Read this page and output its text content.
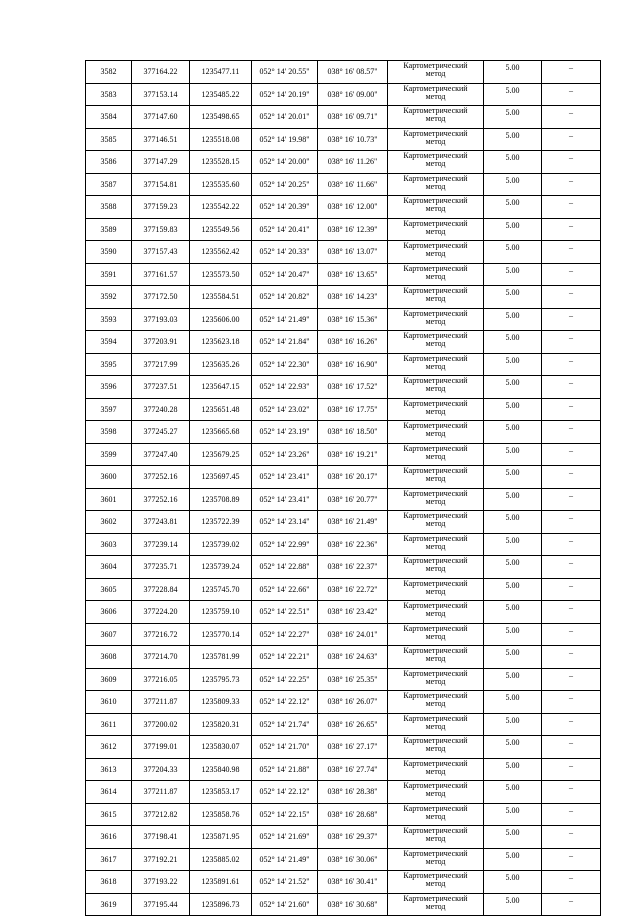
3582	377164.22	1235477.11	052° 14' 20.55"	038° 16' 08.57"	Картометрический
метод	5.00	–
3583	377153.14	1235485.22	052° 14' 20.19"	038° 16' 09.00"	Картометрический
метод	5.00	–
3584	377147.60	1235498.65	052° 14' 20.01"	038° 16' 09.71"	Картометрический
метод	5.00	–
3585	377146.51	1235518.08	052° 14' 19.98"	038° 16' 10.73"	Картометрический
метод	5.00	–
3586	377147.29	1235528.15	052° 14' 20.00"	038° 16' 11.26"	Картометрический
метод	5.00	–
3587	377154.81	1235535.60	052° 14' 20.25"	038° 16' 11.66"	Картометрический
метод	5.00	–
3588	377159.23	1235542.22	052° 14' 20.39"	038° 16' 12.00"	Картометрический
метод	5.00	–
3589	377159.83	1235549.56	052° 14' 20.41"	038° 16' 12.39"	Картометрический
метод	5.00	–
3590	377157.43	1235562.42	052° 14' 20.33"	038° 16' 13.07"	Картометрический
метод	5.00	–
3591	377161.57	1235573.50	052° 14' 20.47"	038° 16' 13.65"	Картометрический
метод	5.00	–
3592	377172.50	1235584.51	052° 14' 20.82"	038° 16' 14.23"	Картометрический
метод	5.00	–
3593	377193.03	1235606.00	052° 14' 21.49"	038° 16' 15.36"	Картометрический
метод	5.00	–
3594	377203.91	1235623.18	052° 14' 21.84"	038° 16' 16.26"	Картометрический
метод	5.00	–
3595	377217.99	1235635.26	052° 14' 22.30"	038° 16' 16.90"	Картометрический
метод	5.00	–
3596	377237.51	1235647.15	052° 14' 22.93"	038° 16' 17.52"	Картометрический
метод	5.00	–
3597	377240.28	1235651.48	052° 14' 23.02"	038° 16' 17.75"	Картометрический
метод	5.00	–
3598	377245.27	1235665.68	052° 14' 23.19"	038° 16' 18.50"	Картометрический
метод	5.00	–
3599	377247.40	1235679.25	052° 14' 23.26"	038° 16' 19.21"	Картометрический
метод	5.00	–
3600	377252.16	1235697.45	052° 14' 23.41"	038° 16' 20.17"	Картометрический
метод	5.00	–
3601	377252.16	1235708.89	052° 14' 23.41"	038° 16' 20.77"	Картометрический
метод	5.00	–
3602	377243.81	1235722.39	052° 14' 23.14"	038° 16' 21.49"	Картометрический
метод	5.00	–
3603	377239.14	1235739.02	052° 14' 22.99"	038° 16' 22.36"	Картометрический
метод	5.00	–
3604	377235.71	1235739.24	052° 14' 22.88"	038° 16' 22.37"	Картометрический
метод	5.00	–
3605	377228.84	1235745.70	052° 14' 22.66"	038° 16' 22.72"	Картометрический
метод	5.00	–
3606	377224.20	1235759.10	052° 14' 22.51"	038° 16' 23.42"	Картометрический
метод	5.00	–
3607	377216.72	1235770.14	052° 14' 22.27"	038° 16' 24.01"	Картометрический
метод	5.00	–
3608	377214.70	1235781.99	052° 14' 22.21"	038° 16' 24.63"	Картометрический
метод	5.00	–
3609	377216.05	1235795.73	052° 14' 22.25"	038° 16' 25.35"	Картометрический
метод	5.00	–
3610	377211.87	1235809.33	052° 14' 22.12"	038° 16' 26.07"	Картометрический
метод	5.00	–
3611	377200.02	1235820.31	052° 14' 21.74"	038° 16' 26.65"	Картометрический
метод	5.00	–
3612	377199.01	1235830.07	052° 14' 21.70"	038° 16' 27.17"	Картометрический
метод	5.00	–
3613	377204.33	1235840.98	052° 14' 21.88"	038° 16' 27.74"	Картометрический
метод	5.00	–
3614	377211.87	1235853.17	052° 14' 22.12"	038° 16' 28.38"	Картометрический
метод	5.00	–
3615	377212.82	1235858.76	052° 14' 22.15"	038° 16' 28.68"	Картометрический
метод	5.00	–
3616	377198.41	1235871.95	052° 14' 21.69"	038° 16' 29.37"	Картометрический
метод	5.00	–
3617	377192.21	1235885.02	052° 14' 21.49"	038° 16' 30.06"	Картометрический
метод	5.00	–
3618	377193.22	1235891.61	052° 14' 21.52"	038° 16' 30.41"	Картометрический
метод	5.00	–
3619	377195.44	1235896.73	052° 14' 21.60"	038° 16' 30.68"	Картометрический
метод	5.00	–
